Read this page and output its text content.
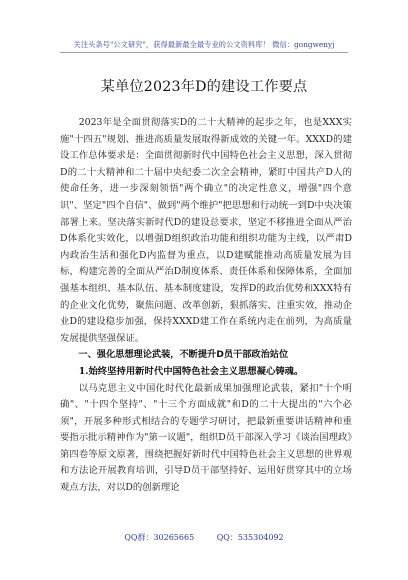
关注头条号"公文研究"，获得最新最全最专业的公文资料库！ 微信：gongwenyj
某单位2023年D的建设工作要点

2023年是全面贯彻落实D的二十大精神的起步之年，也是XXX实施"十四五"规划、推进高质量发展取得新成效的关键一年。XXXD的建设工作总体要求是：全面贯彻新时代中国特色社会主义思想，深入贯彻D的二十大精神和二十届中央纪委二次全会精神，紧盯中国共产D人的使命任务，进一步深刻领悟"两个确立"的决定性意义，增强"四个意识"、坚定"四个自信"、做到"两个维护"把思想和行动统一到D中央决策部署上来。坚决落实新时代D的建设总要求，坚定不移推进全面从严治D体系化实效化，以增强D组织政治功能和组织功能为主线，以严肃D内政治生活和强化D内监督为重点，以D建赋能推动高质量发展为目标，构建完善的全面从严治D制度体系、责任体系和保障体系，全面加强基本组织、基本队伍、基本制度建设，发挥D的政治优势和XXX特有的企业文化优势，聚焦问题、改革创新，狠抓落实、注重实效，推动企业D的建设稳步加强，保持XXXD建工作在系统内走在前列，为高质量发展提供坚强保证。

一、强化思想理论武装，不断提升D员干部政治站位

1.始终坚持用新时代中国特色社会主义思想凝心铸魂。

以马克思主义中国化时代化最新成果加强理论武装，紧扣"十个明确"、"十四个坚持"、"十三个方面成就"和D的二十大提出的"六个必须"，开展多种形式相结合的专题学习研讨，把最新重要讲话精神和重要指示批示精神作为"第一议题"，组织D员干部深入学习《谈治国理政》第四卷等原文原著，围绕把握好新时代中国特色社会主义思想的世界观和方法论开展教育培训，引导D员干部坚持好、运用好贯穿其中的立场观点方法，对以D的创新理论

QQ群：30265665	QQ：535304092
